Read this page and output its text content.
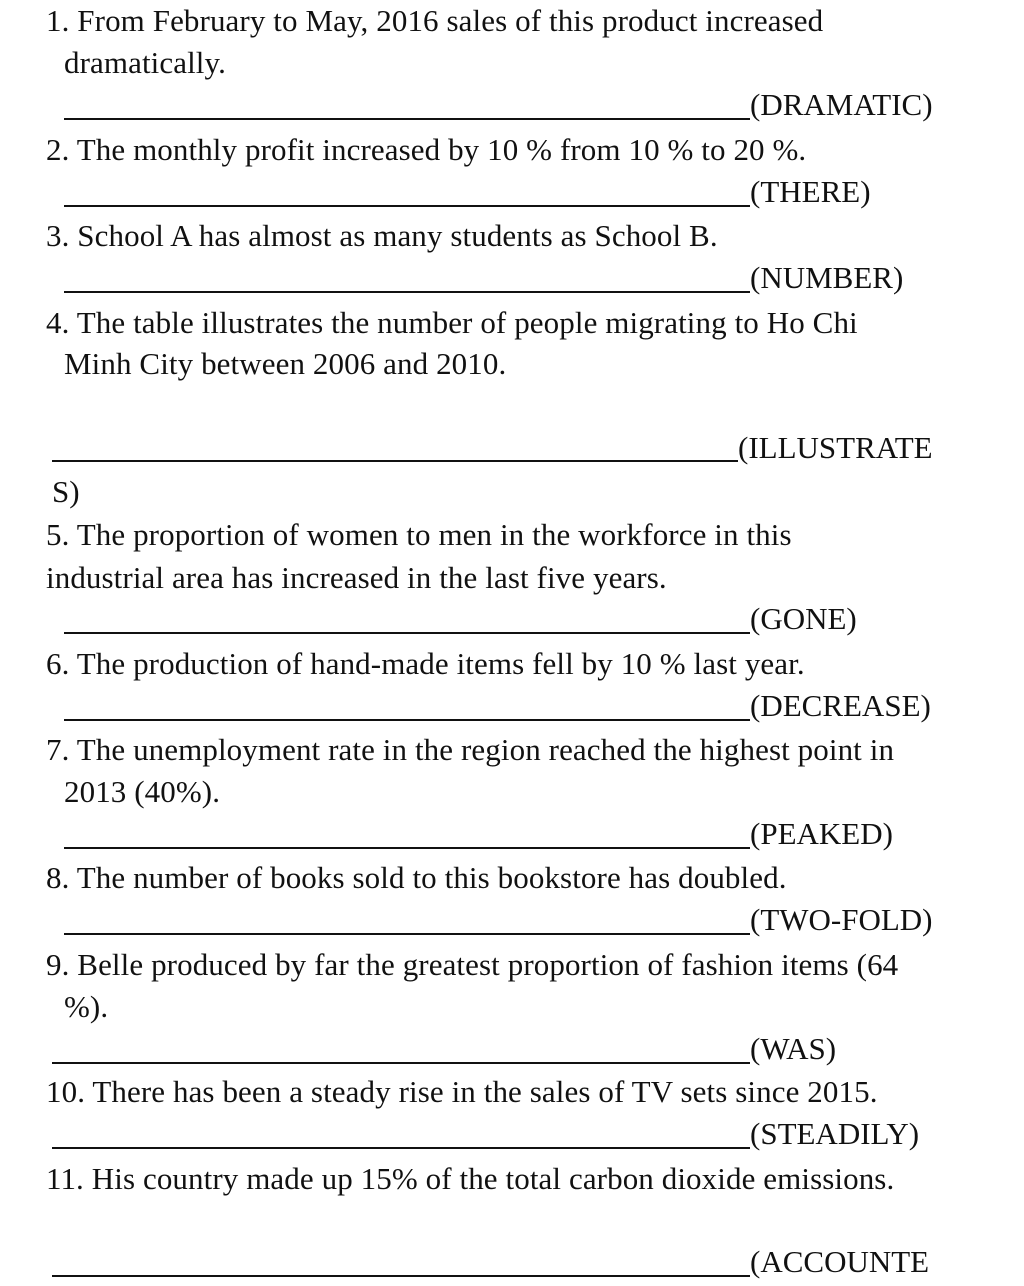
1. From February to May, 2016 sales of this product increased
dramatically.
(DRAMATIC)
2. The monthly profit increased by 10 % from 10 % to 20 %.
(THERE)
3. School A has almost as many students as School B.
(NUMBER)
4. The table illustrates the number of people migrating to Ho Chi
Minh City between 2006 and 2010.
(ILLUSTRATE
S)
5. The proportion of women to men in the workforce in this
industrial area has increased in the last five years.
(GONE)
6. The production of hand-made items fell by 10 % last year.
(DECREASE)
7. The unemployment rate in the region reached the highest point in
2013 (40%).
(PEAKED)
8. The number of books sold to this bookstore has doubled.
(TWO-FOLD)
9. Belle produced by far the greatest proportion of fashion items (64
%).
(WAS)
10. There has been a steady rise in the sales of TV sets since 2015.
(STEADILY)
11. His country made up 15% of the total carbon dioxide emissions.
(ACCOUNTE
